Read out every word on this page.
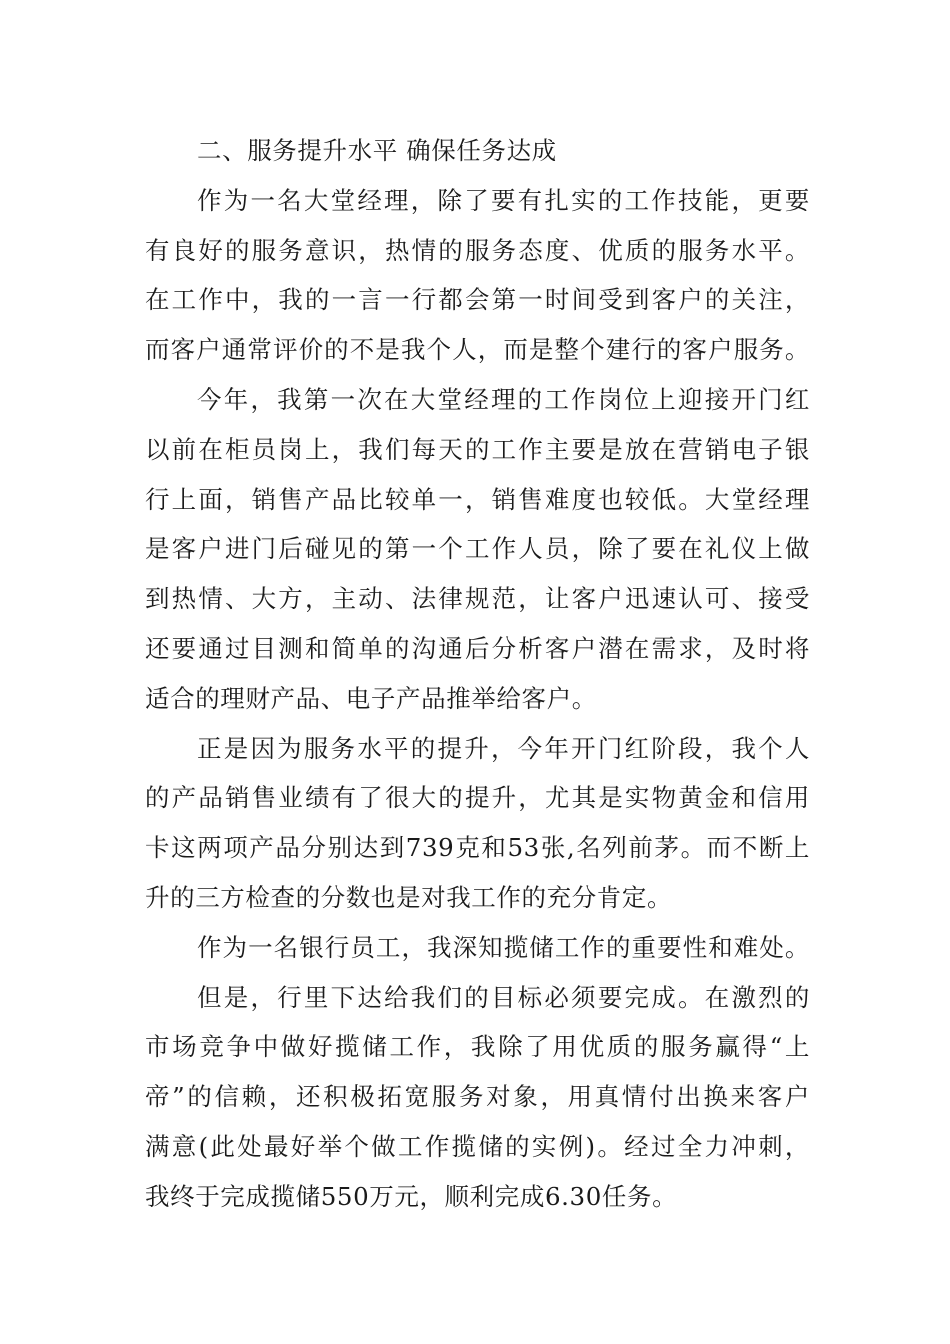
二、服务提升水平 确保任务达成
作为一名大堂经理，除了要有扎实的工作技能，更要
有良好的服务意识，热情的服务态度、优质的服务水平。
在工作中，我的一言一行都会第一时间受到客户的关注，
而客户通常评价的不是我个人，而是整个建行的客户服务。
今年，我第一次在大堂经理的工作岗位上迎接开门红
以前在柜员岗上，我们每天的工作主要是放在营销电子银
行上面，销售产品比较单一，销售难度也较低。大堂经理
是客户进门后碰见的第一个工作人员，除了要在礼仪上做
到热情、大方，主动、法律规范，让客户迅速认可、接受
还要通过目测和简单的沟通后分析客户潜在需求，及时将
适合的理财产品、电子产品推举给客户。
正是因为服务水平的提升，今年开门红阶段，我个人
的产品销售业绩有了很大的提升，尤其是实物黄金和信用
卡这两项产品分别达到739克和53张,名列前茅。而不断上
升的三方检查的分数也是对我工作的充分肯定。
作为一名银行员工，我深知揽储工作的重要性和难处。
但是，行里下达给我们的目标必须要完成。在激烈的
市场竞争中做好揽储工作，我除了用优质的服务赢得“上
帝”的信赖，还积极拓宽服务对象，用真情付出换来客户
满意(此处最好举个做工作揽储的实例)。经过全力冲刺，
我终于完成揽储550万元，顺利完成6.30任务。
